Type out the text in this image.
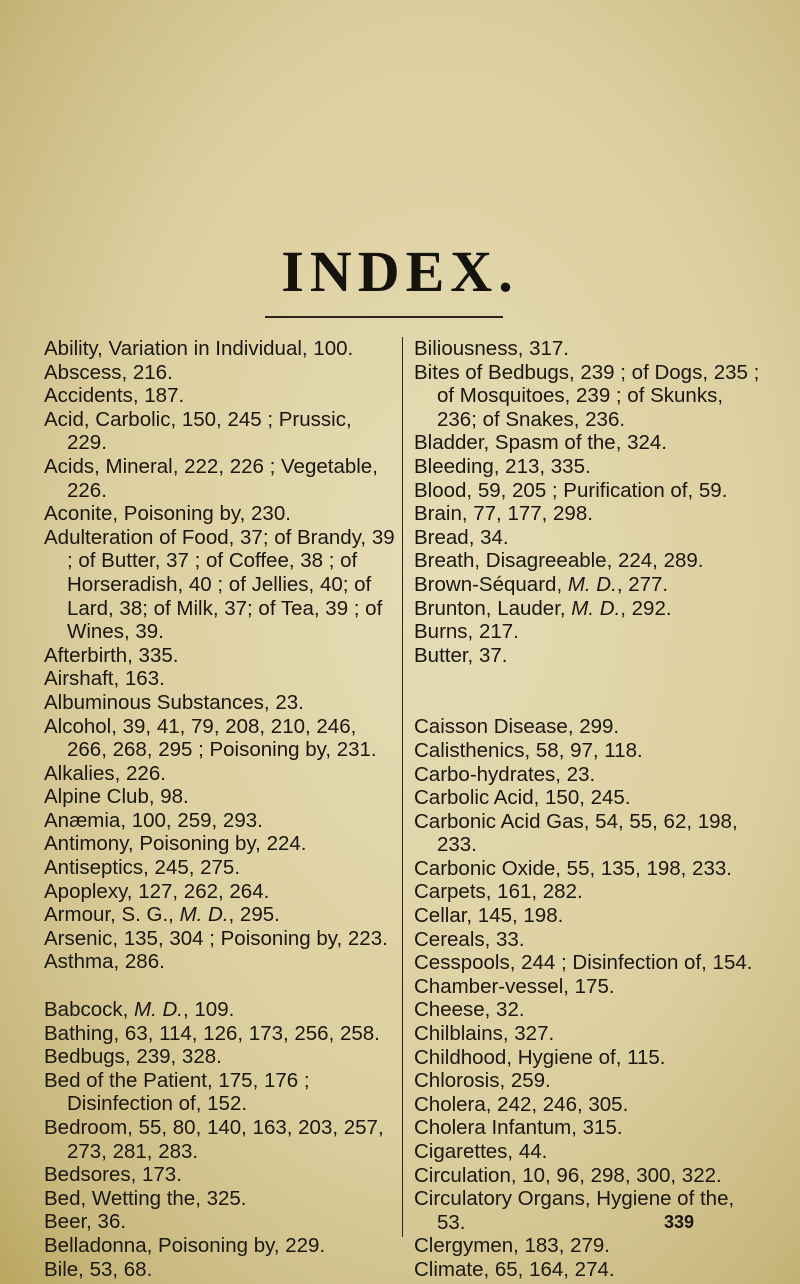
INDEX.
Ability, Variation in Individual, 100.
Abscess, 216.
Accidents, 187.
Acid, Carbolic, 150, 245 ; Prussic, 229.
Acids, Mineral, 222, 226 ; Vegetable, 226.
Aconite, Poisoning by, 230.
Adulteration of Food, 37; of Brandy, 39 ; of Butter, 37 ; of Coffee, 38 ; of Horseradish, 40 ; of Jellies, 40; of Lard, 38; of Milk, 37; of Tea, 39 ; of Wines, 39.
Afterbirth, 335.
Airshaft, 163.
Albuminous Substances, 23.
Alcohol, 39, 41, 79, 208, 210, 246, 266, 268, 295 ; Poisoning by, 231.
Alkalies, 226.
Alpine Club, 98.
Anæmia, 100, 259, 293.
Antimony, Poisoning by, 224.
Antiseptics, 245, 275.
Apoplexy, 127, 262, 264.
Armour, S. G., M. D., 295.
Arsenic, 135, 304 ; Poisoning by, 223.
Asthma, 286.
Babcock, M. D., 109.
Bathing, 63, 114, 126, 173, 256, 258.
Bedbugs, 239, 328.
Bed of the Patient, 175, 176 ; Disinfection of, 152.
Bedroom, 55, 80, 140, 163, 203, 257, 273, 281, 283.
Bedsores, 173.
Bed, Wetting the, 325.
Beer, 36.
Belladonna, Poisoning by, 229.
Bile, 53, 68.
Biliousness, 317.
Bites of Bedbugs, 239 ; of Dogs, 235 ; of Mosquitoes, 239 ; of Skunks, 236; of Snakes, 236.
Bladder, Spasm of the, 324.
Bleeding, 213, 335.
Blood, 59, 205 ; Purification of, 59.
Brain, 77, 177, 298.
Bread, 34.
Breath, Disagreeable, 224, 289.
Brown-Séquard, M. D., 277.
Brunton, Lauder, M. D., 292.
Burns, 217.
Butter, 37.
Caisson Disease, 299.
Calisthenics, 58, 97, 118.
Carbo-hydrates, 23.
Carbolic Acid, 150, 245.
Carbonic Acid Gas, 54, 55, 62, 198, 233.
Carbonic Oxide, 55, 135, 198, 233.
Carpets, 161, 282.
Cellar, 145, 198.
Cereals, 33.
Cesspools, 244 ; Disinfection of, 154.
Chamber-vessel, 175.
Cheese, 32.
Chilblains, 327.
Childhood, Hygiene of, 115.
Chlorosis, 259.
Cholera, 242, 246, 305.
Cholera Infantum, 315.
Cigarettes, 44.
Circulation, 10, 96, 298, 300, 322.
Circulatory Organs, Hygiene of the, 53.
Clergymen, 183, 279.
Climate, 65, 164, 274.
339
